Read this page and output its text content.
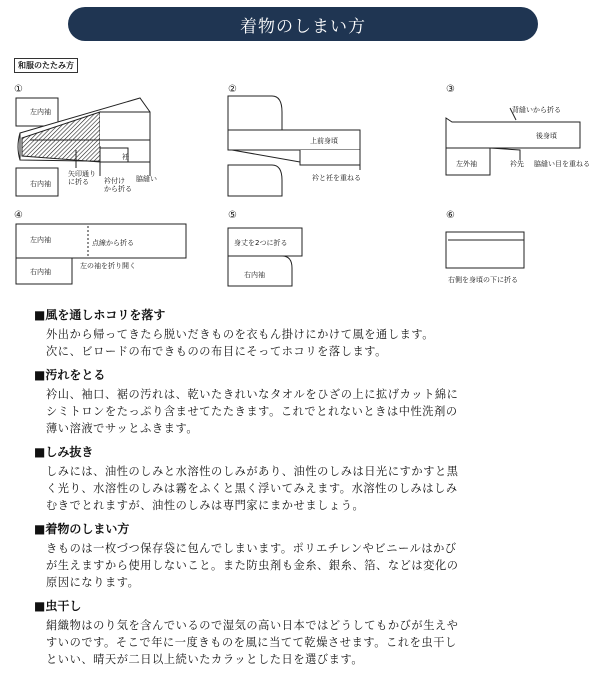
着物のしまい方
和服のたたみ方
①
左内袖
右内袖
衽
矢印通りに折る	衿付けから折る
脇縫い
②
上前身頃
衿と衽を重ねる
③
背縫いから折る
後身頃
左外袖	衿先 脇縫い目を重ねる
④
左内袖
右内袖
点線から折る
左の袖を折り開く
⑤
身丈を2つに折る
右内袖
⑥
右側を身頃の下に折る

■風を通しホコリを落す

外出から帰ってきたら脱いだきものを衣もん掛けにかけて風を通します。
次に、ビロードの布できものの布目にそってホコリを落します。

■汚れをとる

衿山、袖口、裾の汚れは、乾いたきれいなタオルをひざの上に拡げカット綿に
シミトロンをたっぷり含ませてたたきます。これでとれないときは中性洗剤の
薄い溶液でサッとふきます。

■しみ抜き

しみには、油性のしみと水溶性のしみがあり、油性のしみは日光にすかすと黒
く光り、水溶性のしみは霧をふくと黒く浮いてみえます。水溶性のしみはしみ
むきでとれますが、油性のしみは専門家にまかせましょう。

■着物のしまい方

きものは一枚づつ保存袋に包んでしまいます。ポリエチレンやビニールはかび
が生えますから使用しないこと。また防虫剤も金糸、銀糸、箔、などは変化の
原因になります。

■虫干し

絹織物はのり気を含んでいるので湿気の高い日本ではどうしてもかびが生えや
すいのです。そこで年に一度きものを風に当てて乾燥させます。これを虫干し
といい、晴天が二日以上続いたカラッとした日を選びます。
